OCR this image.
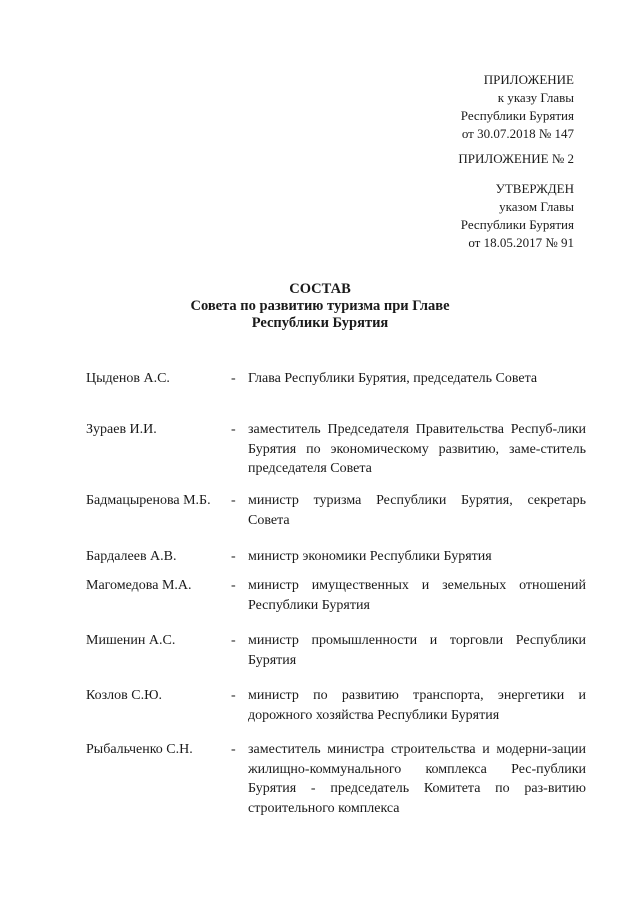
ПРИЛОЖЕНИЕ
к указу Главы
Республики Бурятия
от 30.07.2018 № 147
ПРИЛОЖЕНИЕ № 2
УТВЕРЖДЕН
указом Главы
Республики Бурятия
от 18.05.2017 № 91
СОСТАВ
Совета по развитию туризма при Главе
Республики Бурятия
Цыденов А.С.	- Глава Республики Бурятия, председатель Совета
Зураев И.И.	- заместитель Председателя Правительства Респуб-лики Бурятия по экономическому развитию, заме-ститель председателя Совета
Бадмацыренова М.Б. - министр туризма Республики Бурятия, секретарь Совета
Бардалеев А.В.	- министр экономики Республики Бурятия
Магомедова М.А.	- министр имущественных и земельных отношений Республики Бурятия
Мишенин А.С.	- министр промышленности и торговли Республики Бурятия
Козлов С.Ю.	- министр по развитию транспорта, энергетики и дорожного хозяйства Республики Бурятия
Рыбальченко С.Н.	- заместитель министра строительства и модерни-зации жилищно-коммунального комплекса Рес-публики Бурятия - председатель Комитета по раз-витию строительного комплекса
